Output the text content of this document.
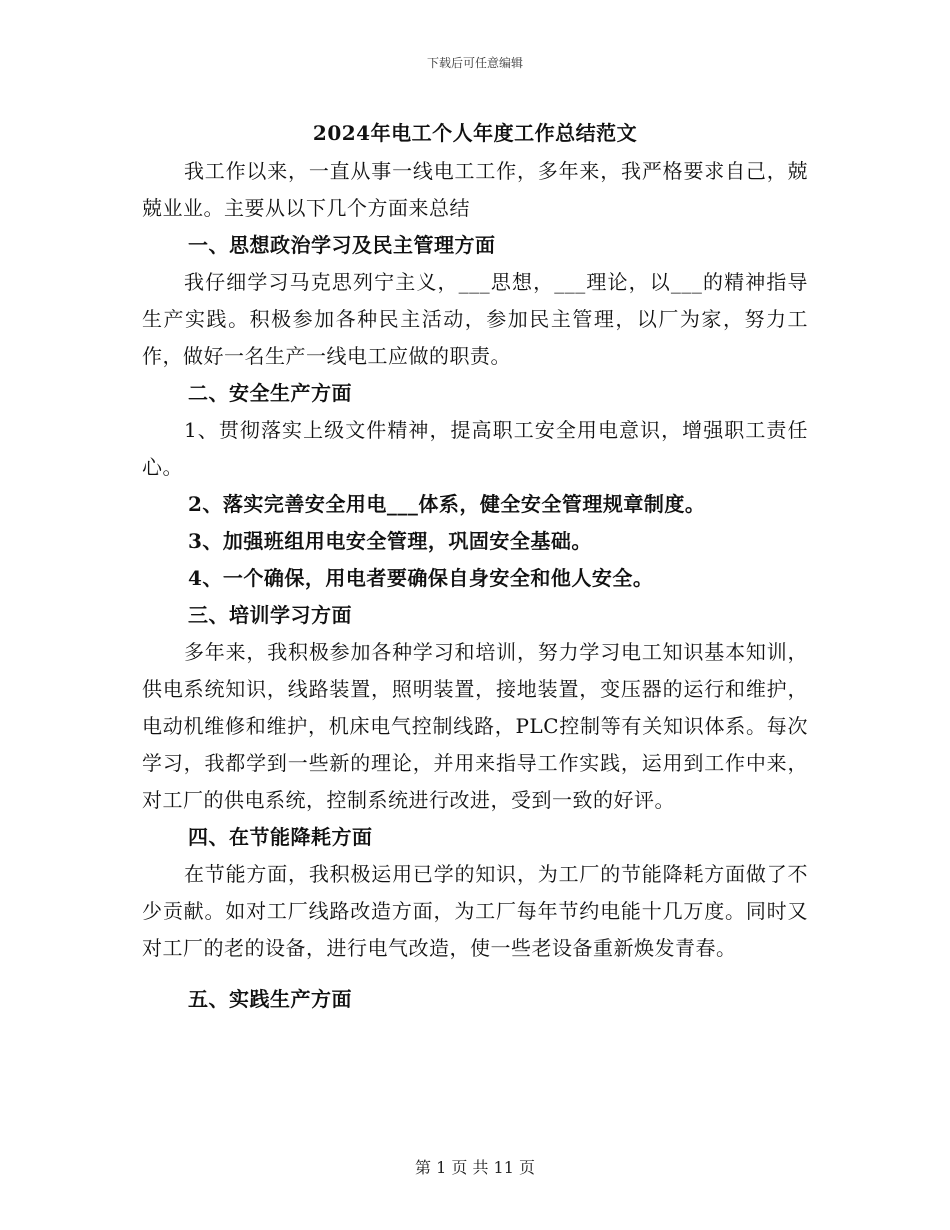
下载后可任意编辑

2024年电工个人年度工作总结范文

我工作以来，一直从事一线电工工作，多年来，我严格要求自己，兢兢业业。主要从以下几个方面来总结

一、思想政治学习及民主管理方面

我仔细学习马克思列宁主义，___思想，___理论，以___的精神指导生产实践。积极参加各种民主活动，参加民主管理，以厂为家，努力工作，做好一名生产一线电工应做的职责。

二、安全生产方面

1、贯彻落实上级文件精神，提高职工安全用电意识，增强职工责任心。

2、落实完善安全用电___体系，健全安全管理规章制度。

3、加强班组用电安全管理，巩固安全基础。

4、一个确保，用电者要确保自身安全和他人安全。

三、培训学习方面

多年来，我积极参加各种学习和培训，努力学习电工知识基本知训，供电系统知识，线路装置，照明装置，接地装置，变压器的运行和维护，电动机维修和维护，机床电气控制线路，PLC控制等有关知识体系。每次学习，我都学到一些新的理论，并用来指导工作实践，运用到工作中来，对工厂的供电系统，控制系统进行改进，受到一致的好评。

四、在节能降耗方面

在节能方面，我积极运用已学的知识，为工厂的节能降耗方面做了不少贡献。如对工厂线路改造方面，为工厂每年节约电能十几万度。同时又对工厂的老的设备，进行电气改造，使一些老设备重新焕发青春。

五、实践生产方面

第 1 页 共 11 页
